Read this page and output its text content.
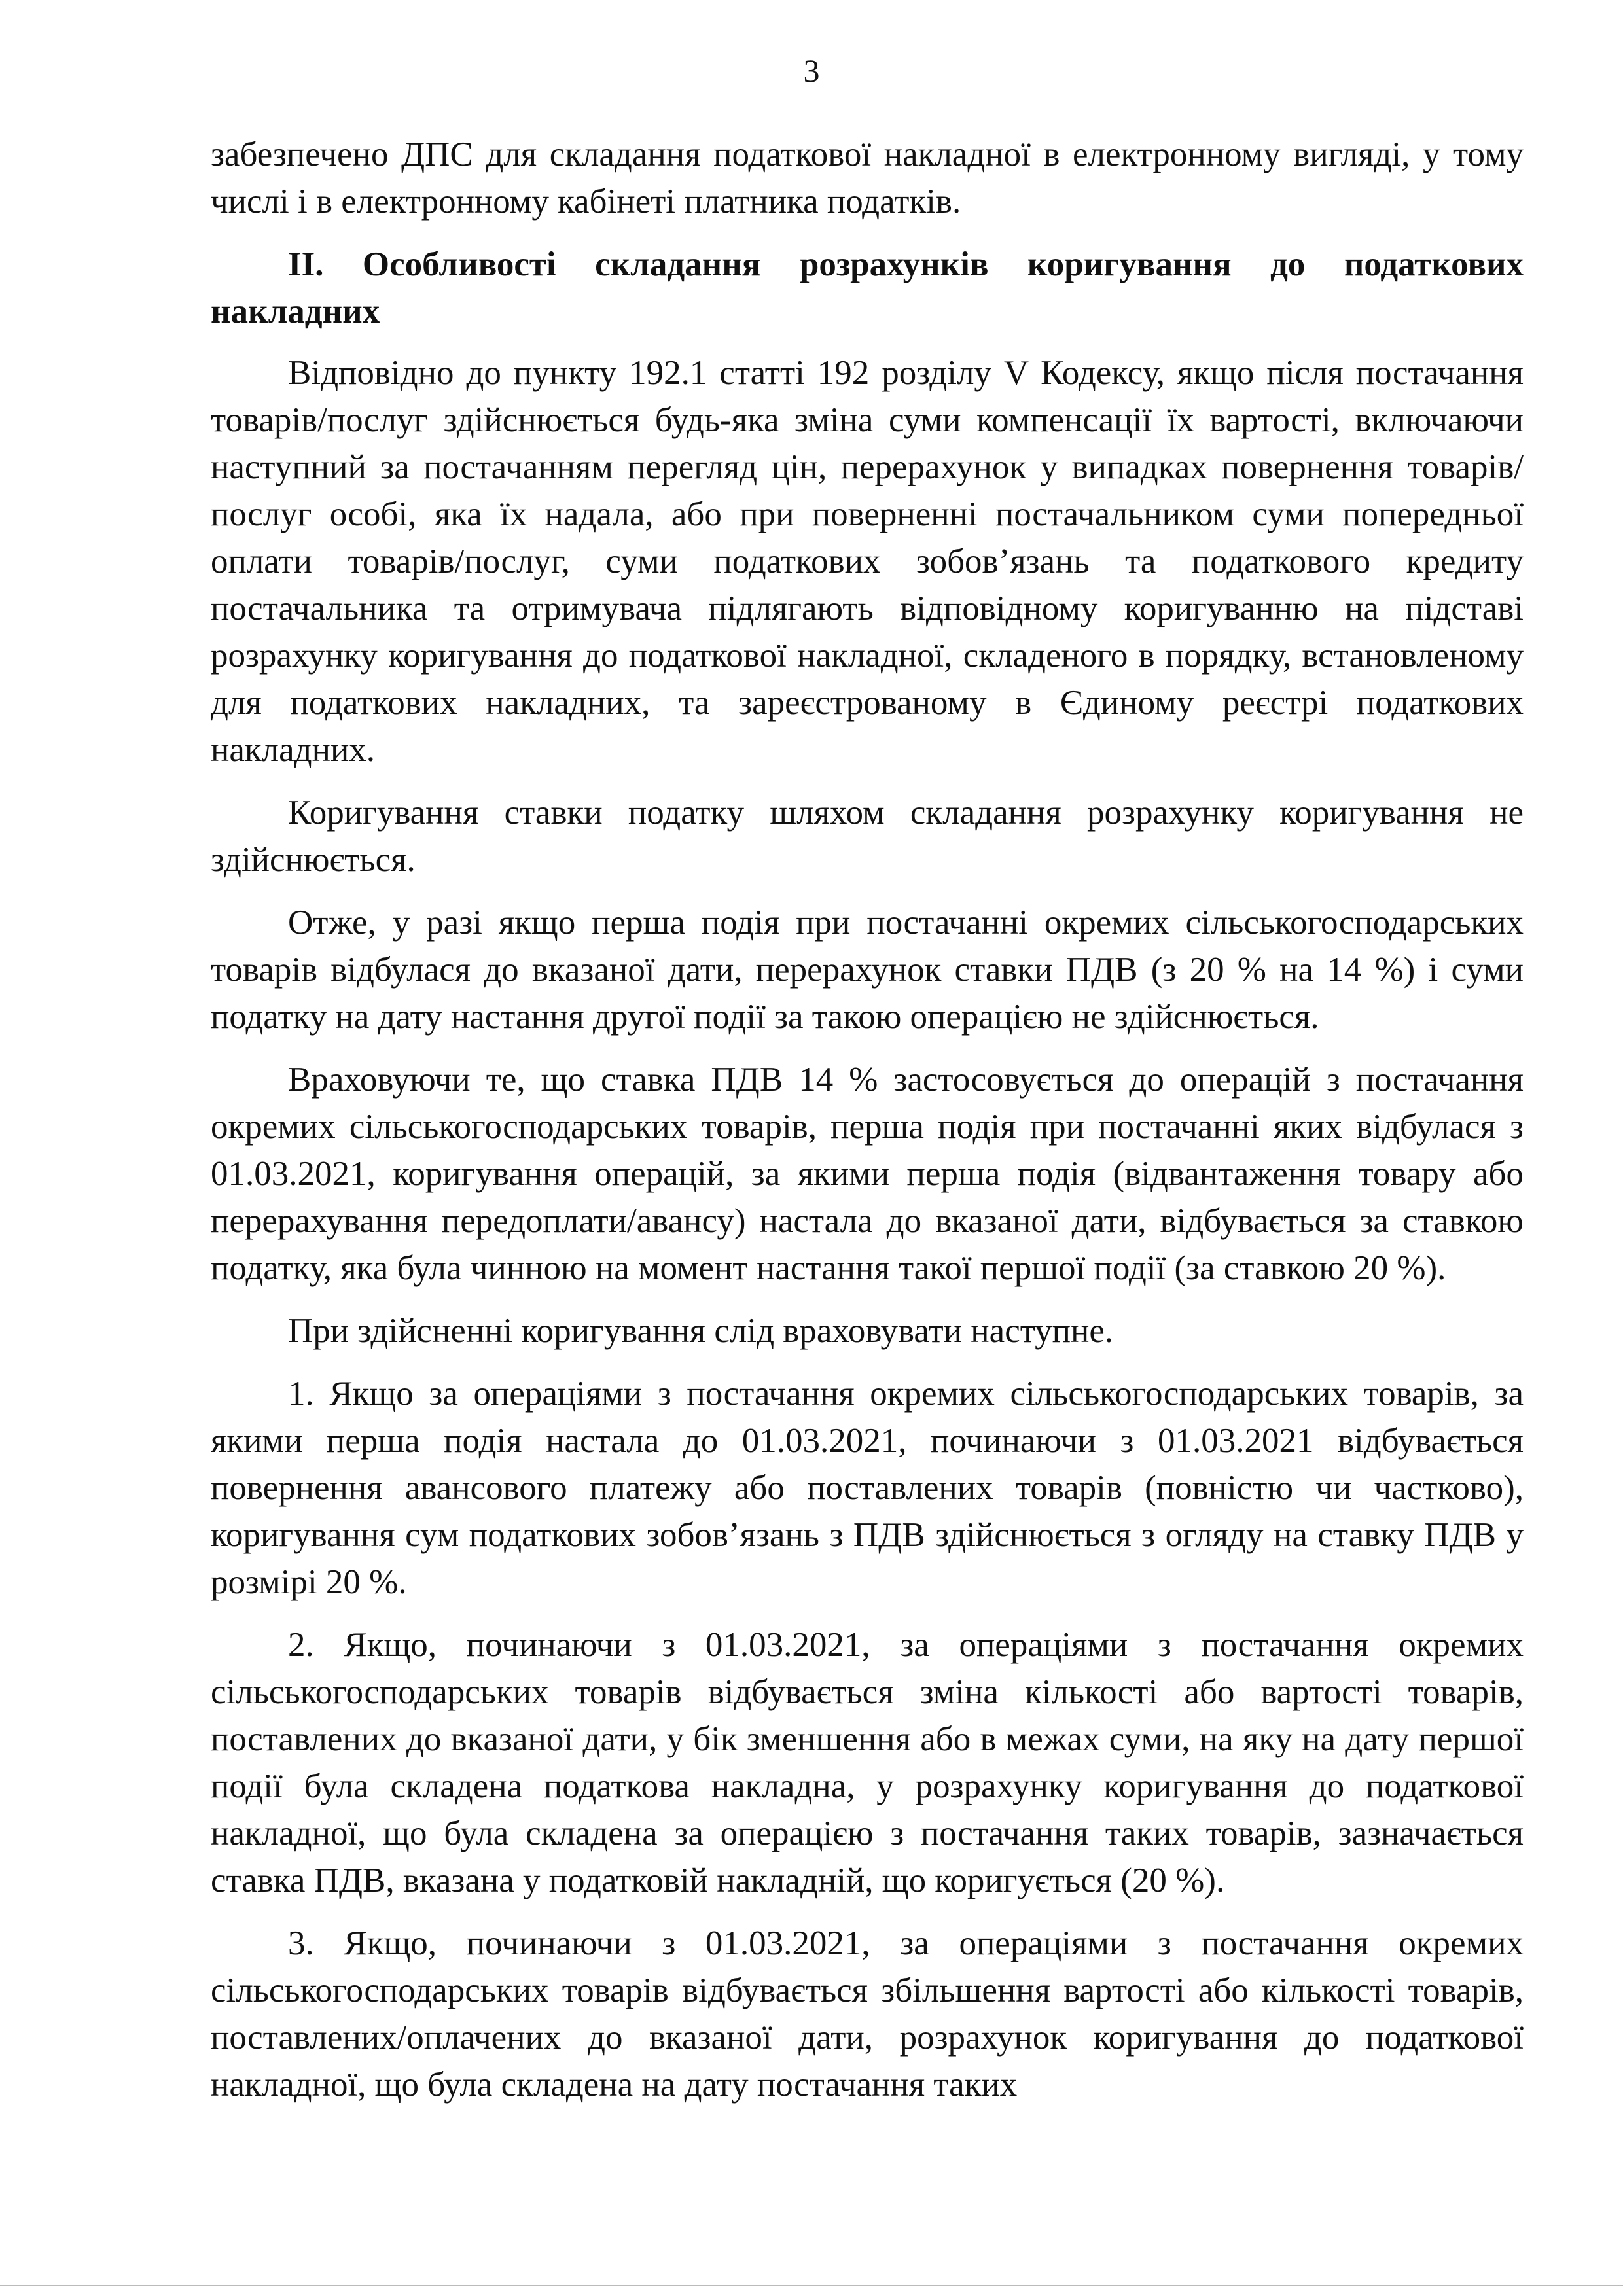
3

забезпечено ДПС для складання податкової накладної в електронному вигляді, у тому числі і в електронному кабінеті платника податків.

ІІ. Особливості складання розрахунків коригування до податкових накладних

Відповідно до пункту 192.1 статті 192 розділу V Кодексу, якщо після постачання товарів/послуг здійснюється будь-яка зміна суми компенсації їх вартості, включаючи наступний за постачанням перегляд цін, перерахунок у випадках повернення товарів/послуг особі, яка їх надала, або при поверненні постачальником суми попередньої оплати товарів/послуг, суми податкових зобов’язань та податкового кредиту постачальника та отримувача підлягають відповідному коригуванню на підставі розрахунку коригування до податкової накладної, складеного в порядку, встановленому для податкових накладних, та зареєстрованому в Єдиному реєстрі податкових накладних.

Коригування ставки податку шляхом складання розрахунку коригування не здійснюється.

Отже, у разі якщо перша подія при постачанні окремих сільськогосподарських товарів відбулася до вказаної дати, перерахунок ставки ПДВ (з 20 % на 14 %) і суми податку на дату настання другої події за такою операцією не здійснюється.

Враховуючи те, що ставка ПДВ 14 % застосовується до операцій з постачання окремих сільськогосподарських товарів, перша подія при постачанні яких відбулася з 01.03.2021, коригування операцій, за якими перша подія (відвантаження товару або перерахування передоплати/авансу) настала до вказаної дати, відбувається за ставкою податку, яка була чинною на момент настання такої першої події (за ставкою 20 %).

При здійсненні коригування слід враховувати наступне.

1. Якщо за операціями з постачання окремих сільськогосподарських товарів, за якими перша подія настала до 01.03.2021, починаючи з 01.03.2021 відбувається повернення авансового платежу або поставлених товарів (повністю чи частково), коригування сум податкових зобов’язань з ПДВ здійснюється з огляду на ставку ПДВ у розмірі 20 %.

2. Якщо, починаючи з 01.03.2021, за операціями з постачання окремих сільськогосподарських товарів відбувається зміна кількості або вартості товарів, поставлених до вказаної дати, у бік зменшення або в межах суми, на яку на дату першої події була складена податкова накладна, у розрахунку коригування до податкової накладної, що була складена за операцією з постачання таких товарів, зазначається ставка ПДВ, вказана у податковій накладній, що коригується (20 %).

3. Якщо, починаючи з 01.03.2021, за операціями з постачання окремих сільськогосподарських товарів відбувається збільшення вартості або кількості товарів, поставлених/оплачених до вказаної дати, розрахунок коригування до податкової накладної, що була складена на дату постачання таких
